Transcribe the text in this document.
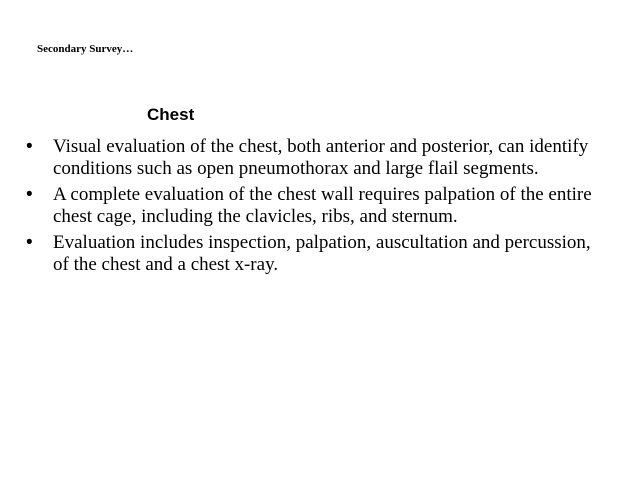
Secondary Survey…
Chest
•	Visual evaluation of the chest, both anterior and posterior, can identify conditions such as open pneumothorax and large flail segments.
•	A complete evaluation of the chest wall requires palpation of the entire chest cage, including the clavicles, ribs, and sternum.
•	Evaluation includes inspection, palpation, auscultation and percussion, of the chest and a chest x-ray.
